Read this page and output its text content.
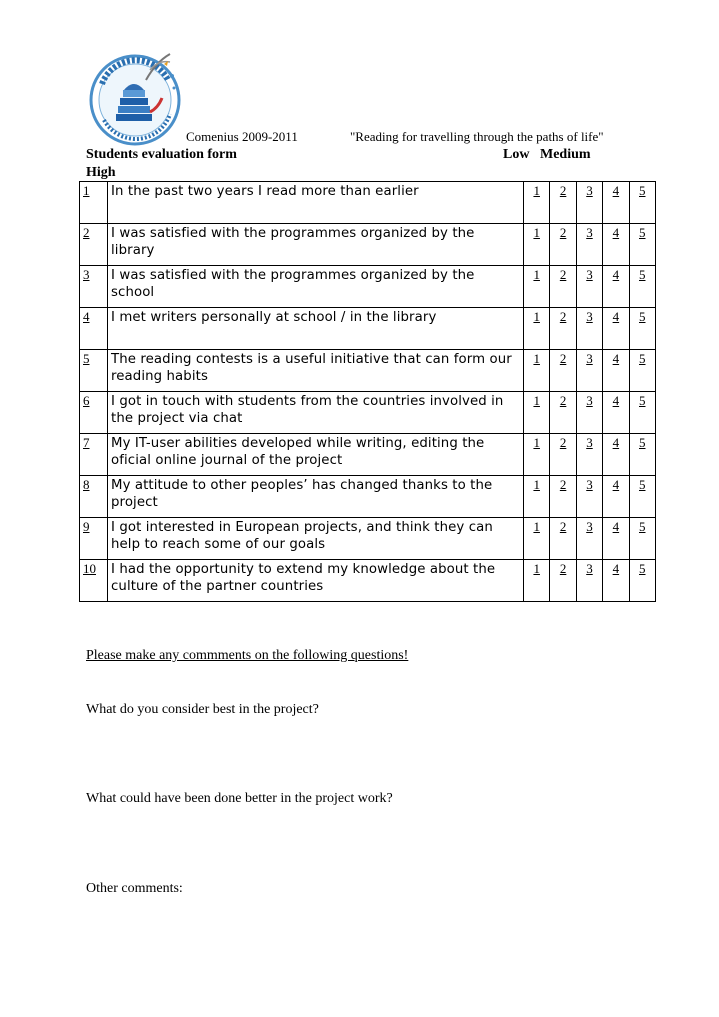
Comenius 2009-2011	"Reading for travelling through the paths of life"
Students evaluation form	Low Medium
High
1	In the past two years I read more than earlier	1	2	3	4	5
2	I was satisfied with the programmes organized by the library	1	2	3	4	5
3	I was satisfied with the programmes organized by the school	1	2	3	4	5
4	I met writers personally at school / in the library	1	2	3	4	5
5	The reading contests is a useful initiative that can form our reading habits	1	2	3	4	5
6	I got in touch with students from the countries involved in the project via chat	1	2	3	4	5
7	My IT-user abilities developed while writing, editing the oficial online journal of the project	1	2	3	4	5
8	My attitude to other peoples’ has changed thanks to the project	1	2	3	4	5
9	I got interested in European projects, and think they can help to reach some of our goals	1	2	3	4	5
10	I had the opportunity to extend my knowledge about the culture of the partner countries	1	2	3	4	5
Please make any commments on the following questions!
What do you consider best in the project?
What could have been done better in the project work?
Other comments:
